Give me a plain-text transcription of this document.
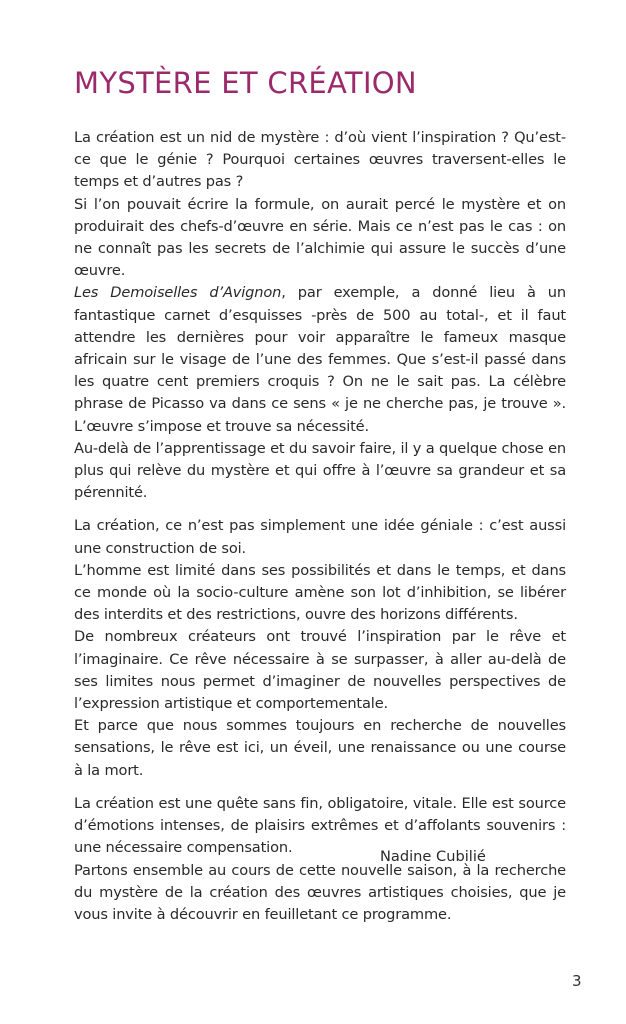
MYSTÈRE ET CRÉATION

La création est un nid de mystère : d’où vient l’inspiration ? Qu’est-ce que le génie ? Pourquoi certaines œuvres traversent-elles le temps et d’autres pas ?

Si l’on pouvait écrire la formule, on aurait percé le mystère et on produirait des chefs-d’œuvre en série. Mais ce n’est pas le cas : on ne connaît pas les secrets de l’alchimie qui assure le succès d’une œuvre.

Les Demoiselles d’Avignon, par exemple, a donné lieu à un fantastique carnet d’esquisses -près de 500 au total-, et il faut attendre les dernières pour voir apparaître le fameux masque africain sur le visage de l’une des femmes. Que s’est-il passé dans les quatre cent premiers croquis ? On ne le sait pas. La célèbre phrase de Picasso va dans ce sens « je ne cherche pas, je trouve ». L’œuvre s’impose et trouve sa nécessité.

Au-delà de l’apprentissage et du savoir faire, il y a quelque chose en plus qui relève du mystère et qui offre à l’œuvre sa grandeur et sa pérennité.

La création, ce n’est pas simplement une idée géniale : c’est aussi une construction de soi.

L’homme est limité dans ses possibilités et dans le temps, et dans ce monde où la socio-culture amène son lot d’inhibition, se libérer des interdits et des restrictions, ouvre des horizons différents.

De nombreux créateurs ont trouvé l’inspiration par le rêve et l’imaginaire. Ce rêve nécessaire à se surpasser, à aller au-delà de ses limites nous permet d’imaginer de nouvelles perspectives de l’expression artistique et comportementale.

Et parce que nous sommes toujours en recherche de nouvelles sensations, le rêve est ici, un éveil, une renaissance ou une course à la mort.

La création est une quête sans fin, obligatoire, vitale. Elle est source d’émotions intenses, de plaisirs extrêmes et d’affolants souvenirs : une nécessaire compensation.

Partons ensemble au cours de cette nouvelle saison, à la recherche du mystère de la création des œuvres artistiques choisies, que je vous invite à découvrir en feuilletant ce programme.

Nadine Cubilié
3
